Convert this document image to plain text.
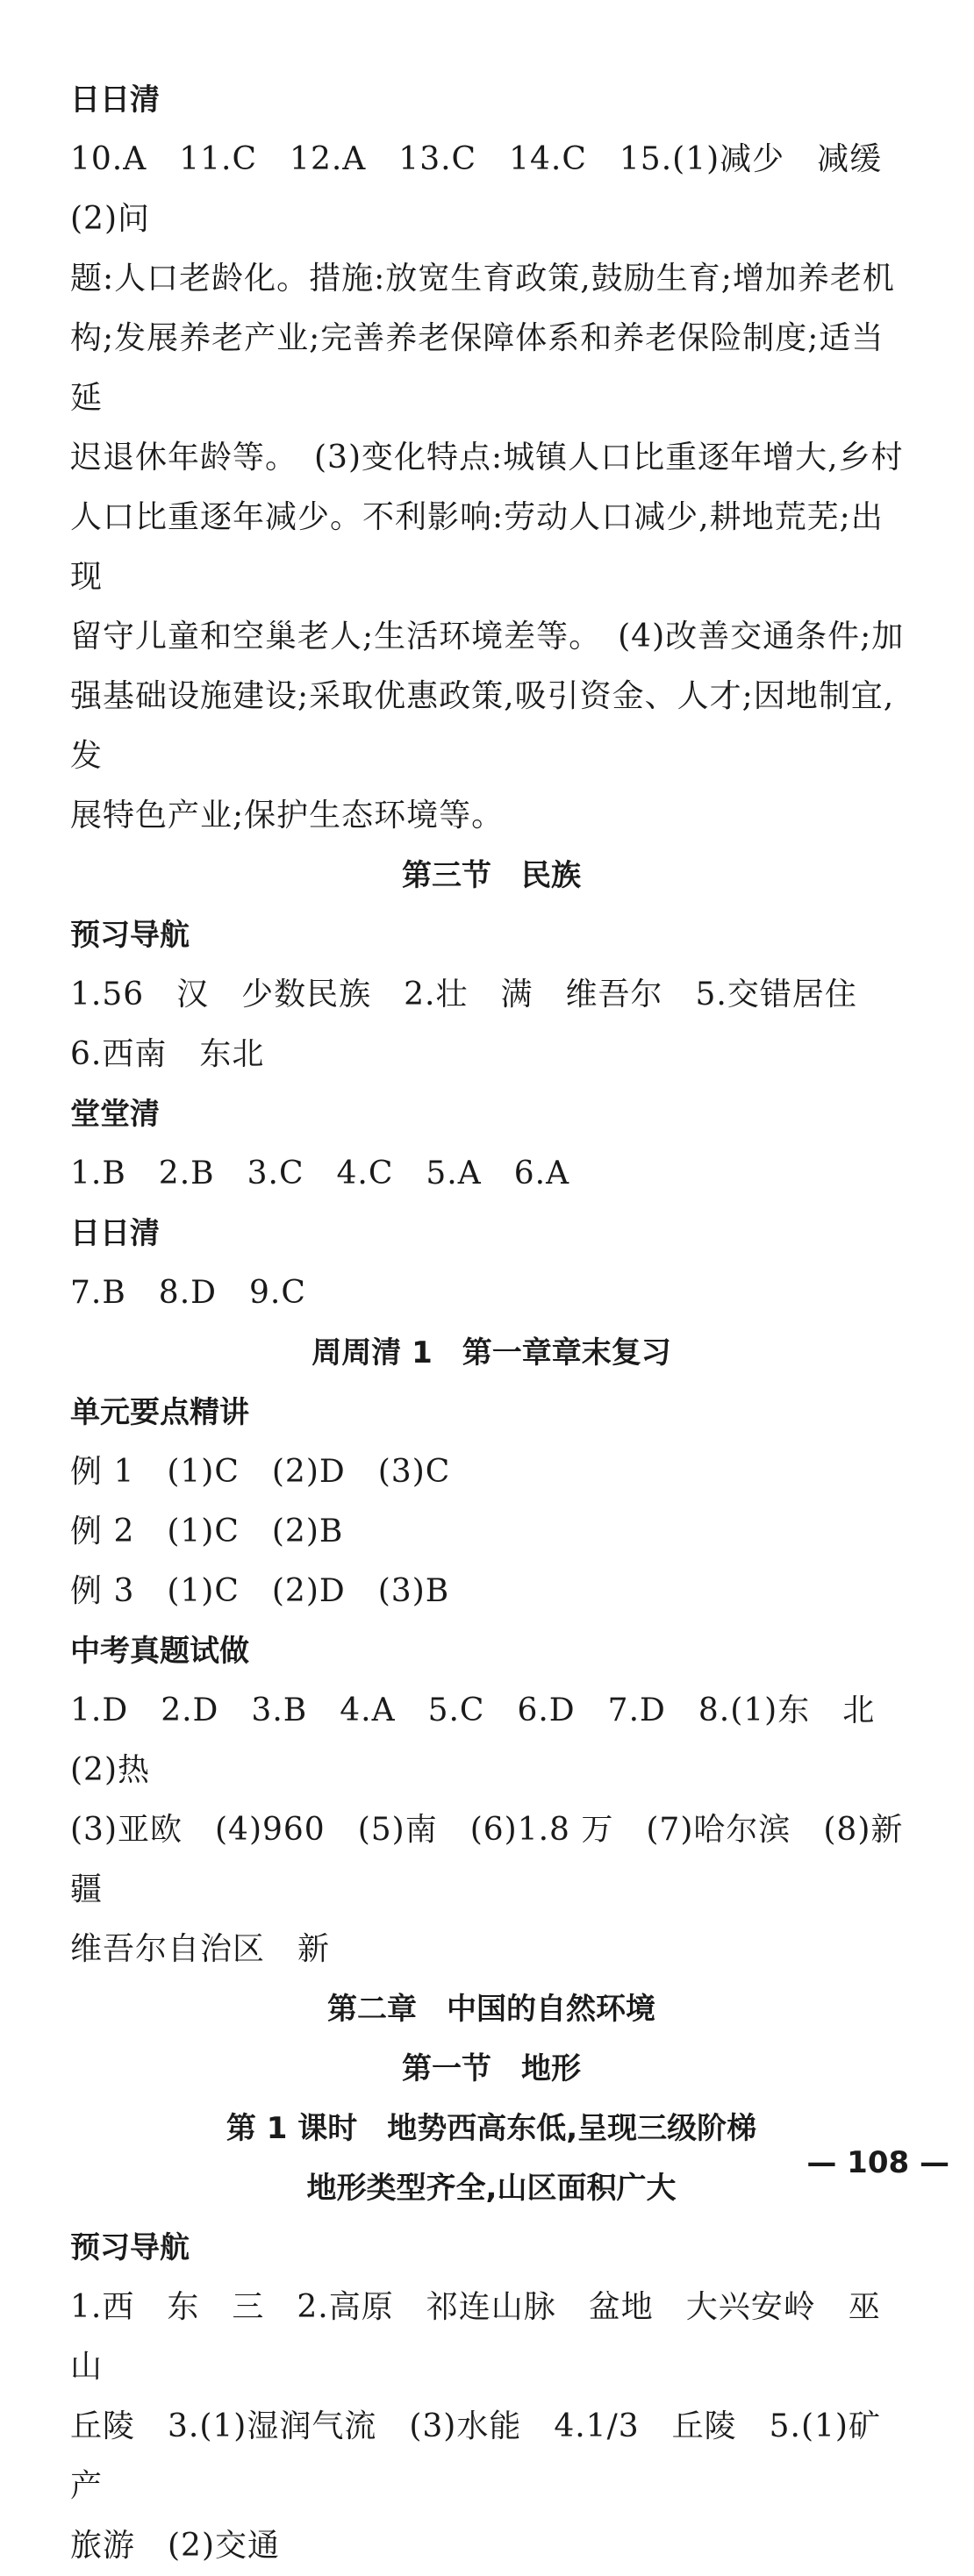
日日清

10.A　11.C　12.A　13.C　14.C　15.(1)减少　减缓　(2)问

题:人口老龄化。措施:放宽生育政策,鼓励生育;增加养老机

构;发展养老产业;完善养老保障体系和养老保险制度;适当延

迟退休年龄等。　(3)变化特点:城镇人口比重逐年增大,乡村

人口比重逐年减少。不利影响:劳动人口减少,耕地荒芜;出现

留守儿童和空巢老人;生活环境差等。　(4)改善交通条件;加

强基础设施建设;采取优惠政策,吸引资金、人才;因地制宜,发

展特色产业;保护生态环境等。

第三节　民族

预习导航

1.56　汉　少数民族　2.壮　满　维吾尔　5.交错居住

6.西南　东北

堂堂清

1.B　2.B　3.C　4.C　5.A　6.A

日日清

7.B　8.D　9.C

周周清 1　第一章章末复习

单元要点精讲

例 1　(1)C　(2)D　(3)C

例 2　(1)C　(2)B

例 3　(1)C　(2)D　(3)B

中考真题试做

1.D　2.D　3.B　4.A　5.C　6.D　7.D　8.(1)东　北　(2)热

(3)亚欧　(4)960　(5)南　(6)1.8 万　(7)哈尔滨　(8)新疆

维吾尔自治区　新

第二章　中国的自然环境

第一节　地形

第 1 课时　地势西高东低,呈现三级阶梯

地形类型齐全,山区面积广大

预习导航

1.西　东　三　2.高原　祁连山脉　盆地　大兴安岭　巫山

丘陵　3.(1)湿润气流　(3)水能　4.1/3　丘陵　5.(1)矿产

旅游　(2)交通

— 108 —
